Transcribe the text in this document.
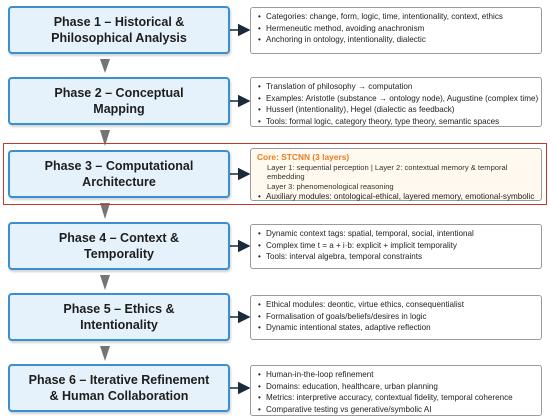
Phase 1 – Historical &
Philosophical Analysis
Phase 2 – Conceptual
Mapping
Phase 3 – Computational
Architecture
Phase 4 – Context &
Temporality
Phase 5 – Ethics &
Intentionality
Phase 6 – Iterative Refinement
& Human Collaboration
• Categories: change, form, logic, time, intentionality, context, ethics
• Hermeneutic method, avoiding anachronism
• Anchoring in ontology, intentionality, dialectic
• Translation of philosophy → computation
• Examples: Aristotle (substance → ontology node), Augustine (complex time)
• Husserl (intentionality), Hegel (dialectic as feedback)
• Tools: formal logic, category theory, type theory, semantic spaces
Core: STCNN (3 layers)
Layer 1: sequential perception | Layer 2: contextual memory & temporal embedding
Layer 3: phenomenological reasoning
• Auxiliary modules: ontological-ethical, layered memory, emotional-symbolic
• Dynamic context tags: spatial, temporal, social, intentional
• Complex time t = a + i·b: explicit + implicit temporality
• Tools: interval algebra, temporal constraints
• Ethical modules: deontic, virtue ethics, consequentialist
• Formalisation of goals/beliefs/desires in logic
• Dynamic intentional states, adaptive reflection
• Human-in-the-loop refinement
• Domains: education, healthcare, urban planning
• Metrics: interpretive accuracy, contextual fidelity, temporal coherence
• Comparative testing vs generative/symbolic AI
